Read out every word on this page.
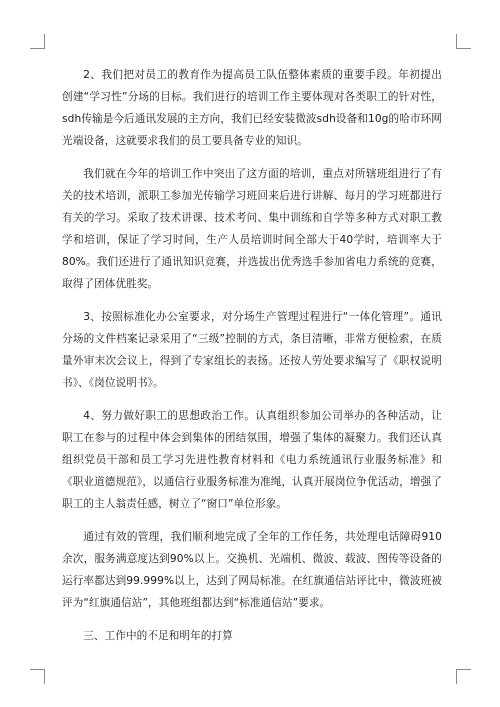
2、我们把对员工的教育作为提高员工队伍整体素质的重要手段。年初提出创建“学习性”分场的目标。我们进行的培训工作主要体现对各类职工的针对性，sdh传输是今后通讯发展的主方向，我们已经安装微波sdh设备和10g的哈市环网光端设备，这就要求我们的员工要具备专业的知识。

我们就在今年的培训工作中突出了这方面的培训，重点对所辖班组进行了有关的技术培训，派职工参加光传输学习班回来后进行讲解、每月的学习班都进行有关的学习。采取了技术讲课、技术考问、集中训练和自学等多种方式对职工教学和培训，保证了学习时间，生产人员培训时间全部大于40学时，培训率大于80%。我们还进行了通讯知识竞赛，并选拔出优秀选手参加省电力系统的竞赛，取得了团体优胜奖。

3、按照标准化办公室要求，对分场生产管理过程进行“一体化管理”。通讯分场的文件档案记录采用了“三级”控制的方式，条目清晰，非常方便检索，在质量外审末次会议上，得到了专家组长的表扬。还按人劳处要求编写了《职权说明书》、《岗位说明书》。

4、努力做好职工的思想政治工作。认真组织参加公司举办的各种活动，让职工在参与的过程中体会到集体的团结氛围，增强了集体的凝聚力。我们还认真组织党员干部和员工学习先进性教育材料和《电力系统通讯行业服务标准》和《职业道德规范》，以通信行业服务标准为准绳，认真开展岗位争优活动，增强了职工的主人翁责任感，树立了“窗口”单位形象。

通过有效的管理，我们顺利地完成了全年的工作任务，共处理电话障碍910余次，服务满意度达到90%以上。交换机、光端机、微波、载波、图传等设备的运行率都达到99.999%以上，达到了网局标准。在红旗通信站评比中，微波班被评为“红旗通信站”，其他班组都达到“标准通信站”要求。

三、工作中的不足和明年的打算
